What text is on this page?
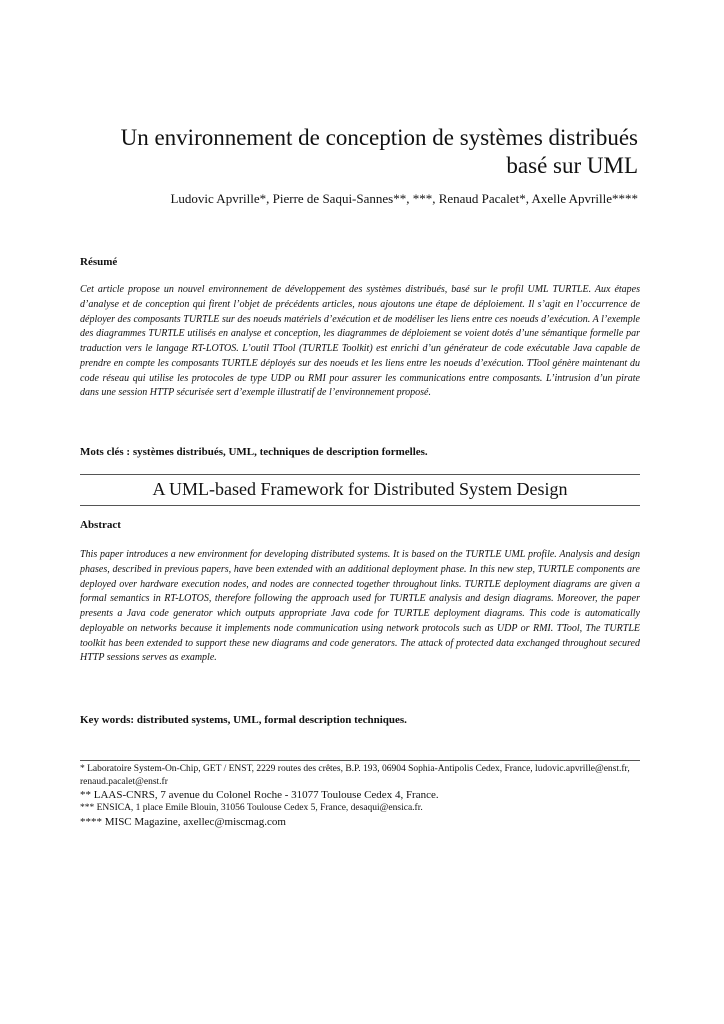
Un environnement de conception de systèmes distribués
basé sur UML
Ludovic Apvrille*, Pierre de Saqui-Sannes**, ***, Renaud Pacalet*, Axelle Apvrille****
Résumé

Cet article propose un nouvel environnement de développement des systèmes distribués, basé sur le profil UML TURTLE. Aux étapes d’analyse et de conception qui firent l’objet de précédents articles, nous ajoutons une étape de déploiement. Il s’agit en l’occurrence de déployer des composants TURTLE sur des noeuds matériels d’exécution et de modéliser les liens entre ces noeuds d’exécution. A l’exemple des diagrammes TURTLE utilisés en analyse et conception, les diagrammes de déploiement se voient dotés d’une sémantique formelle par traduction vers le langage RT-LOTOS. L’outil TTool (TURTLE Toolkit) est enrichi d’un générateur de code exécutable Java capable de prendre en compte les composants TURTLE déployés sur des noeuds et les liens entre les noeuds d’exécution. TTool génère maintenant du code réseau qui utilise les protocoles de type UDP ou RMI pour assurer les communications entre composants. L’intrusion d’un pirate dans une session HTTP sécurisée sert d’exemple illustratif de l’environnement proposé.

Mots clés : systèmes distribués, UML, techniques de description formelles.
A UML-based Framework for Distributed System Design
Abstract

This paper introduces a new environment for developing distributed systems. It is based on the TURTLE UML profile. Analysis and design phases, described in previous papers, have been extended with an additional deployment phase. In this new step, TURTLE components are deployed over hardware execution nodes, and nodes are connected together throughout links. TURTLE deployment diagrams are given a formal semantics in RT-LOTOS, therefore following the approach used for TURTLE analysis and design diagrams. Moreover, the paper presents a Java code generator which outputs appropriate Java code for TURTLE deployment diagrams. This code is automatically deployable on networks because it implements node communication using network protocols such as UDP or RMI. TTool, The TURTLE toolkit has been extended to support these new diagrams and code generators. The attack of protected data exchanged throughout secured HTTP sessions serves as example.

Key words: distributed systems, UML, formal description techniques.

* Laboratoire System-On-Chip, GET / ENST, 2229 routes des crêtes, B.P. 193, 06904 Sophia-Antipolis Cedex, France, ludovic.apvrille@enst.fr, renaud.pacalet@enst.fr

** LAAS-CNRS, 7 avenue du Colonel Roche - 31077 Toulouse Cedex 4, France.

*** ENSICA, 1 place Emile Blouin, 31056 Toulouse Cedex 5, France, desaqui@ensica.fr.

**** MISC Magazine, axellec@miscmag.com
